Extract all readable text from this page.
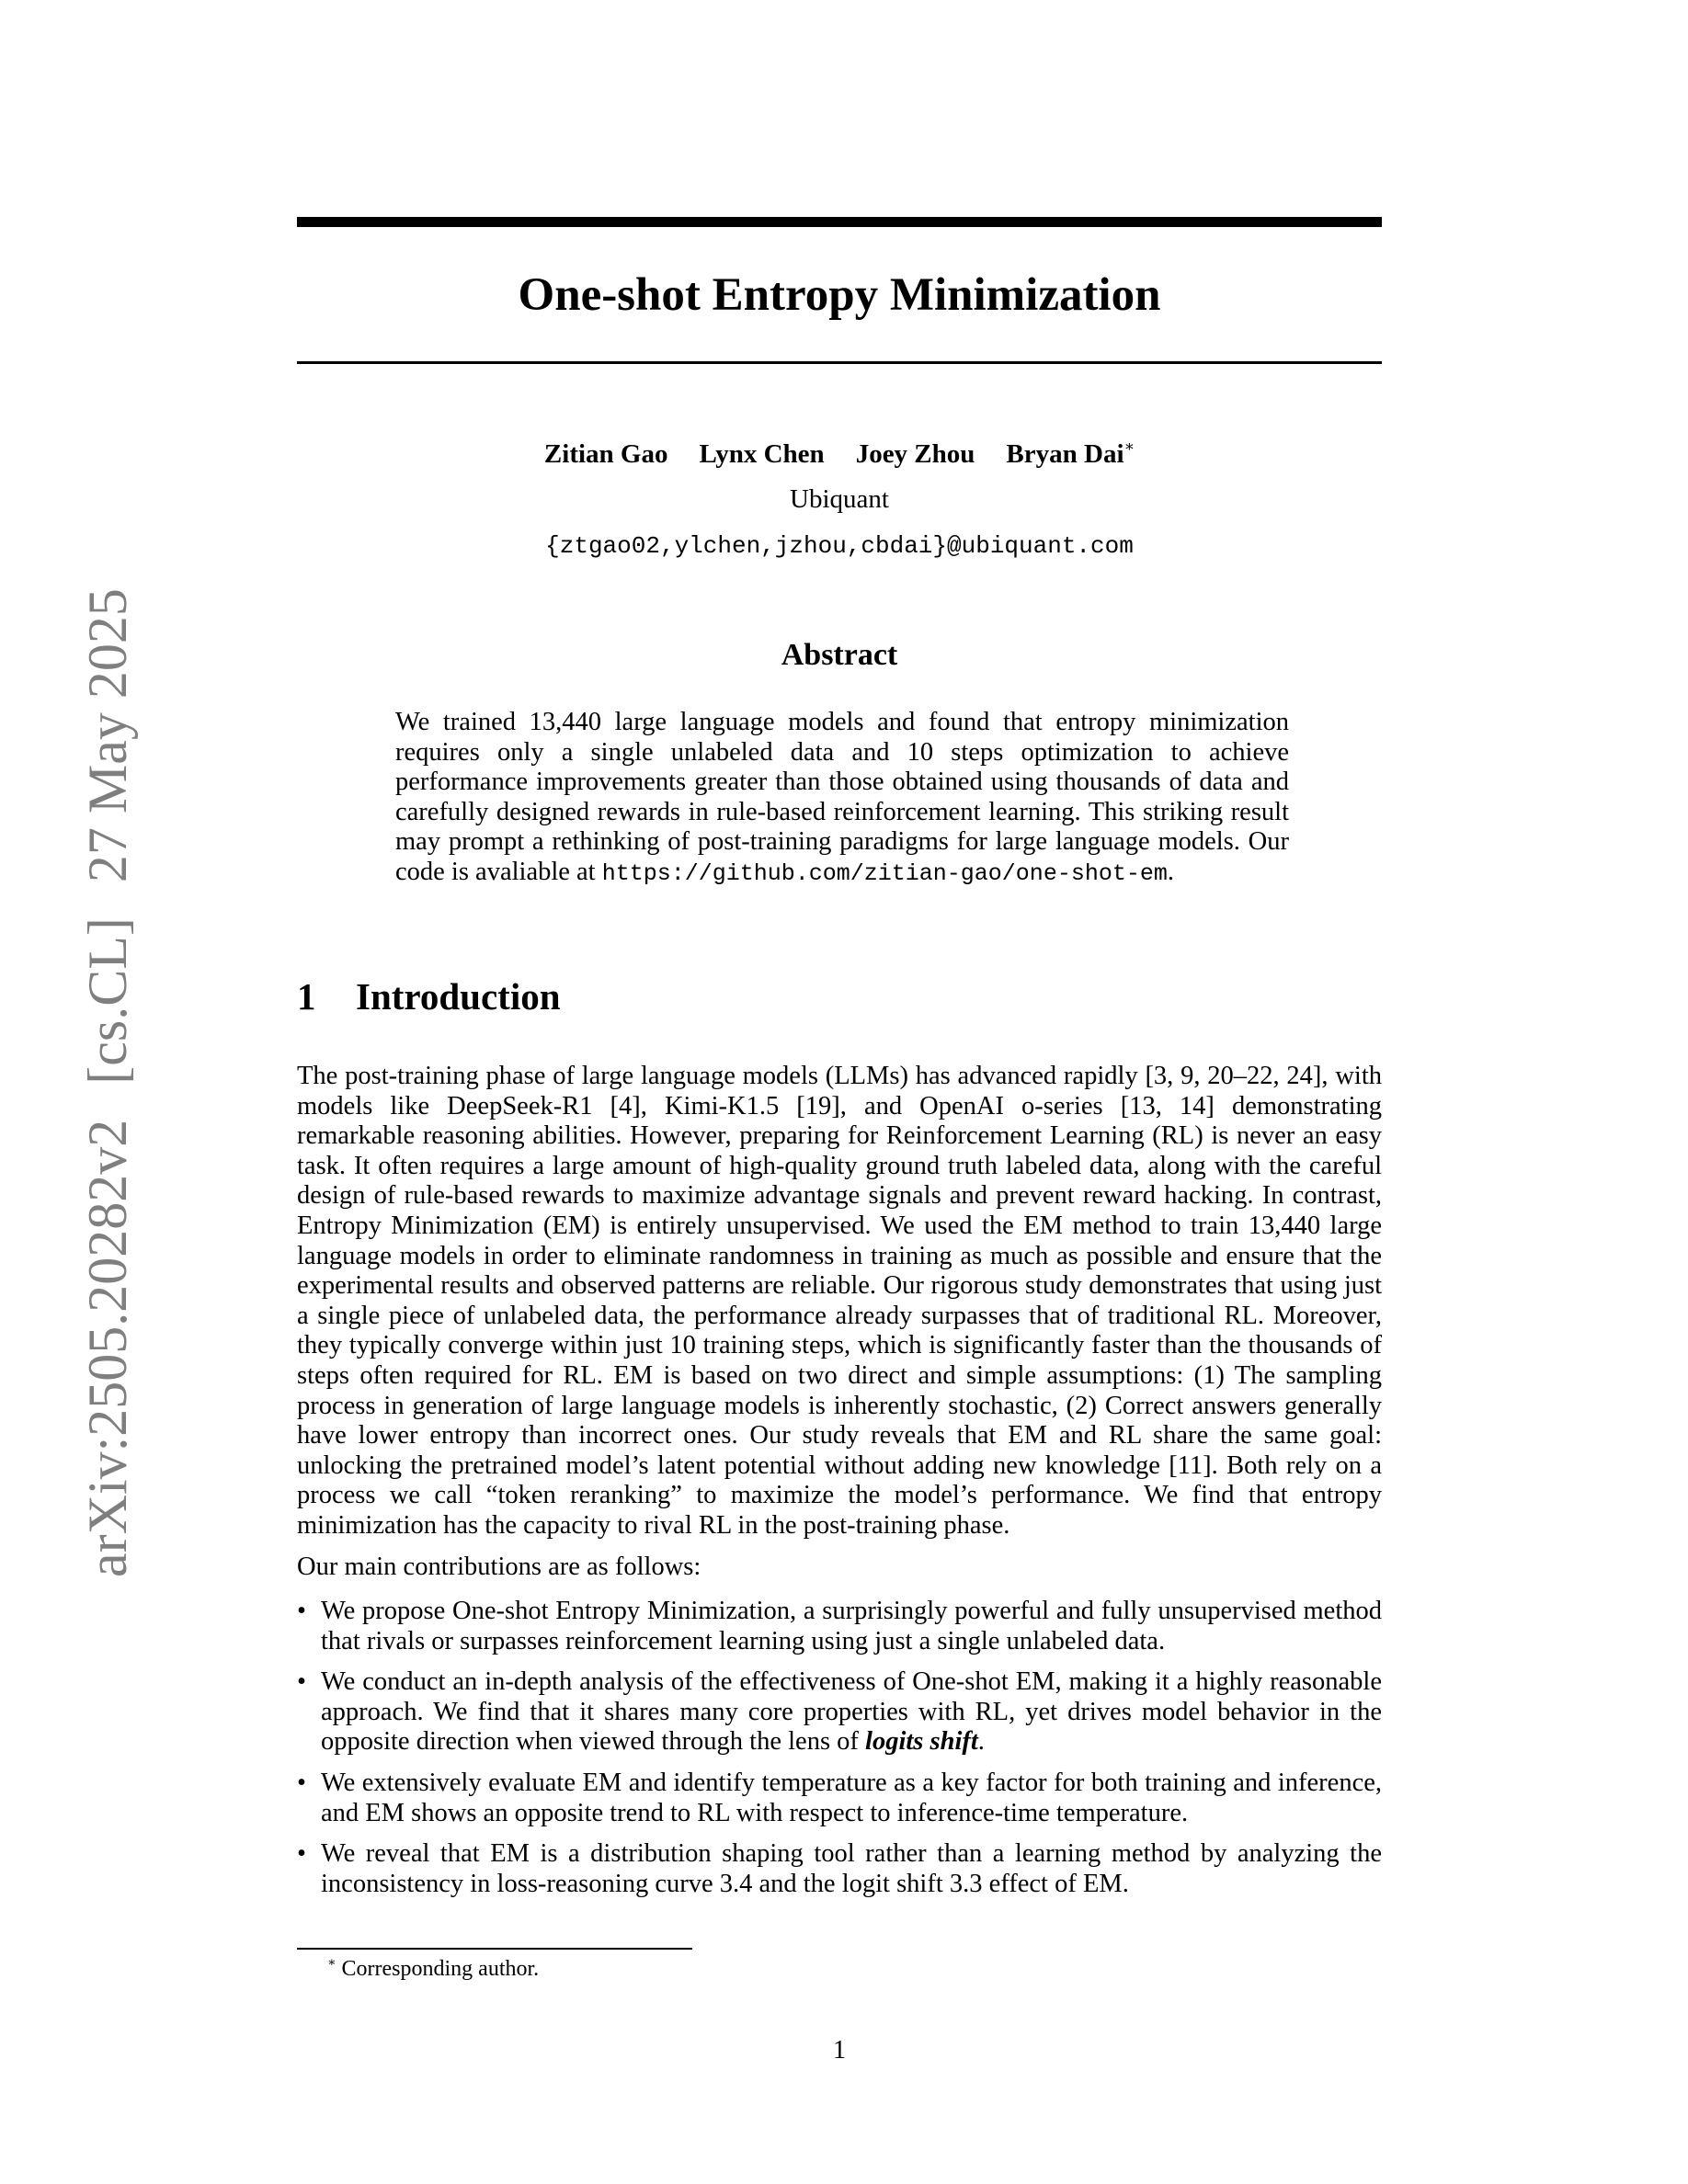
arXiv:2505.20282v2[cs.CL]27 May 2025
One-shot Entropy Minimization
Zitian Gao Lynx Chen Joey Zhou Bryan Dai∗
Ubiquant
{ztgao02,ylchen,jzhou,cbdai}@ubiquant.com
Abstract
We trained 13,440 large language models and found that entropy minimization requires only a single unlabeled data and 10 steps optimization to achieve performance improvements greater than those obtained using thousands of data and carefully designed rewards in rule-based reinforcement learning. This striking result may prompt a rethinking of post-training paradigms for large language models. Our code is avaliable at https://github.com/zitian-gao/one-shot-em.
1 Introduction

The post-training phase of large language models (LLMs) has advanced rapidly [3, 9, 20–22, 24], with models like DeepSeek-R1 [4], Kimi-K1.5 [19], and OpenAI o-series [13, 14] demonstrating remarkable reasoning abilities. However, preparing for Reinforcement Learning (RL) is never an easy task. It often requires a large amount of high-quality ground truth labeled data, along with the careful design of rule-based rewards to maximize advantage signals and prevent reward hacking. In contrast, Entropy Minimization (EM) is entirely unsupervised. We used the EM method to train 13,440 large language models in order to eliminate randomness in training as much as possible and ensure that the experimental results and observed patterns are reliable. Our rigorous study demonstrates that using just a single piece of unlabeled data, the performance already surpasses that of traditional RL. Moreover, they typically converge within just 10 training steps, which is significantly faster than the thousands of steps often required for RL. EM is based on two direct and simple assumptions: (1) The sampling process in generation of large language models is inherently stochastic, (2) Correct answers generally have lower entropy than incorrect ones. Our study reveals that EM and RL share the same goal: unlocking the pretrained model’s latent potential without adding new knowledge [11]. Both rely on a process we call “token reranking” to maximize the model’s performance. We find that entropy minimization has the capacity to rival RL in the post-training phase.

Our main contributions are as follows:

• We propose One-shot Entropy Minimization, a surprisingly powerful and fully unsupervised method that rivals or surpasses reinforcement learning using just a single unlabeled data.
• We conduct an in-depth analysis of the effectiveness of One-shot EM, making it a highly reasonable approach. We find that it shares many core properties with RL, yet drives model behavior in the opposite direction when viewed through the lens of logits shift.
• We extensively evaluate EM and identify temperature as a key factor for both training and inference, and EM shows an opposite trend to RL with respect to inference-time temperature.
• We reveal that EM is a distribution shaping tool rather than a learning method by analyzing the inconsistency in loss-reasoning curve 3.4 and the logit shift 3.3 effect of EM.
∗ Corresponding author.
1
